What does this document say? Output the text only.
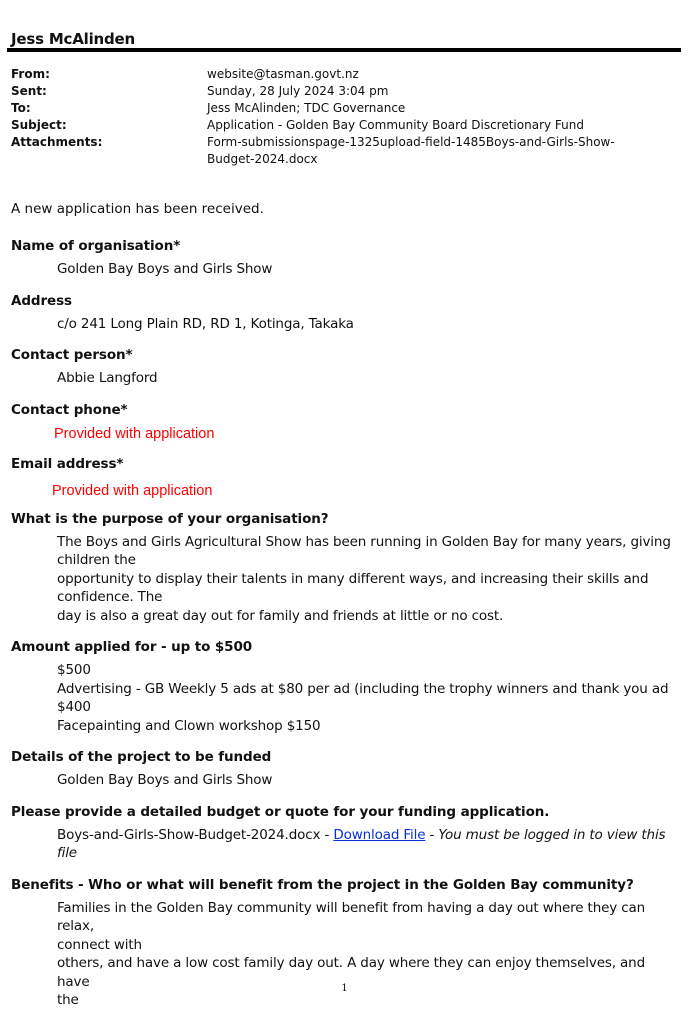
Jess McAlinden
From:	website@tasman.govt.nz
Sent:	Sunday, 28 July 2024 3:04 pm
To:	Jess McAlinden; TDC Governance
Subject:	Application - Golden Bay Community Board Discretionary Fund
Attachments:	Form-submissionspage-1325upload-field-1485Boys-and-Girls-Show-
Budget-2024.docx
A new application has been received.
Name of organisation*
Golden Bay Boys and Girls Show
Address
c/o 241 Long Plain RD, RD 1, Kotinga, Takaka
Contact person*
Abbie Langford
Contact phone*
Provided with application
Email address*
Provided with application
What is the purpose of your organisation?
The Boys and Girls Agricultural Show has been running in Golden Bay for many years, giving
children the
opportunity to display their talents in many different ways, and increasing their skills and
confidence. The
day is also a great day out for family and friends at little or no cost.
Amount applied for - up to $500
$500
Advertising - GB Weekly 5 ads at $80 per ad (including the trophy winners and thank you ad
$400
Facepainting and Clown workshop $150
Details of the project to be funded
Golden Bay Boys and Girls Show
Please provide a detailed budget or quote for your funding application.
Boys-and-Girls-Show-Budget-2024.docx - Download File - You must be logged in to view this
file
Benefits - Who or what will benefit from the project in the Golden Bay community?
Families in the Golden Bay community will benefit from having a day out where they can relax,
connect with
others, and have a low cost family day out. A day where they can enjoy themselves, and have
the
1
